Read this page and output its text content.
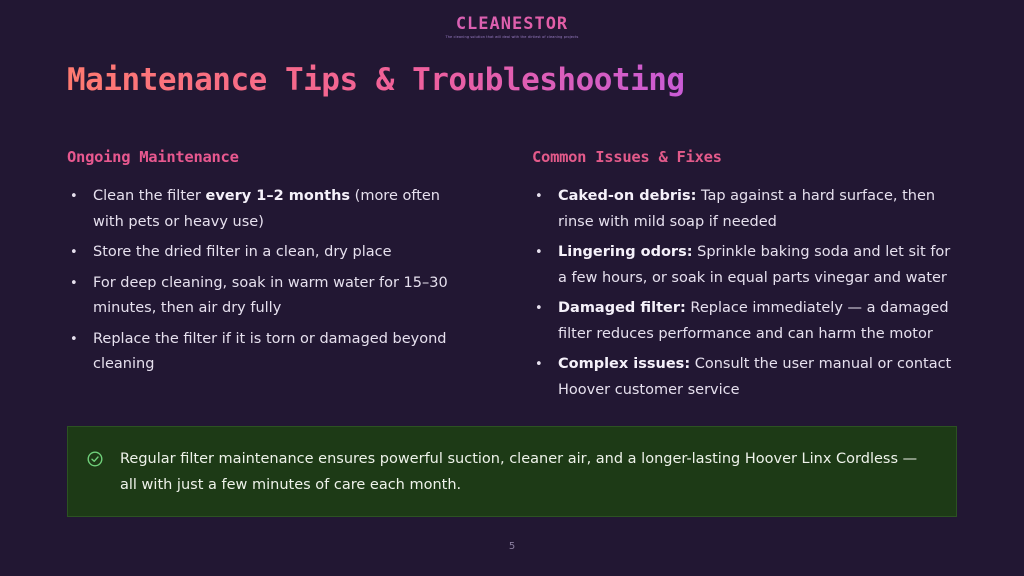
CLEANESTOR
The cleaning solution that will deal with the dirtiest of cleaning projects
Maintenance Tips & Troubleshooting
Ongoing Maintenance
• Clean the filter every 1–2 months (more often with pets or heavy use)
• Store the dried filter in a clean, dry place
• For deep cleaning, soak in warm water for 15–30 minutes, then air dry fully
• Replace the filter if it is torn or damaged beyond cleaning
Common Issues & Fixes
• Caked-on debris: Tap against a hard surface, then rinse with mild soap if needed
• Lingering odors: Sprinkle baking soda and let sit for a few hours, or soak in equal parts vinegar and water
• Damaged filter: Replace immediately — a damaged filter reduces performance and can harm the motor
• Complex issues: Consult the user manual or contact Hoover customer service
Regular filter maintenance ensures powerful suction, cleaner air, and a longer-lasting Hoover Linx Cordless — all with just a few minutes of care each month.
5
